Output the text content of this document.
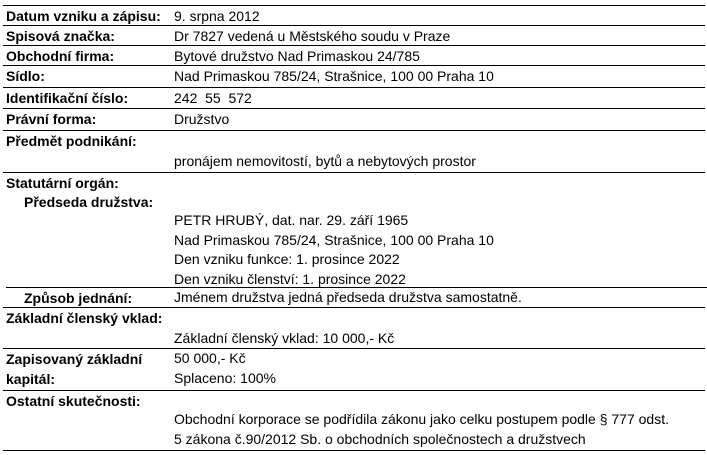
Datum vzniku a zápisu: 9. srpna 2012
Spisová značka:	Dr 7827 vedená u Městského soudu v Praze
Obchodní firma:	Bytové družstvo Nad Primaskou 24/785
Sídlo:	Nad Primaskou 785/24, Strašnice, 100 00 Praha 10
Identifikační číslo:	242  55  572
Právní forma:	Družstvo
Předmět podnikání:
pronájem nemovitostí, bytů a nebytových prostor
Statutární orgán:
Předseda družstva:
PETR HRUBÝ, dat. nar. 29. září 1965
Nad Primaskou 785/24, Strašnice, 100 00 Praha 10
Den vzniku funkce: 1. prosince 2022
Den vzniku členství: 1. prosince 2022
Způsob jednání:	Jménem družstva jedná předseda družstva samostatně.
Základní členský vklad:
Základní členský vklad: 10 000,- Kč
Zapisovaný základní kapitál:
50 000,- Kč
Splaceno: 100%
Ostatní skutečnosti:
Obchodní korporace se podřídila zákonu jako celku postupem podle § 777 odst.
5 zákona č.90/2012 Sb. o obchodních společnostech a družstvech
